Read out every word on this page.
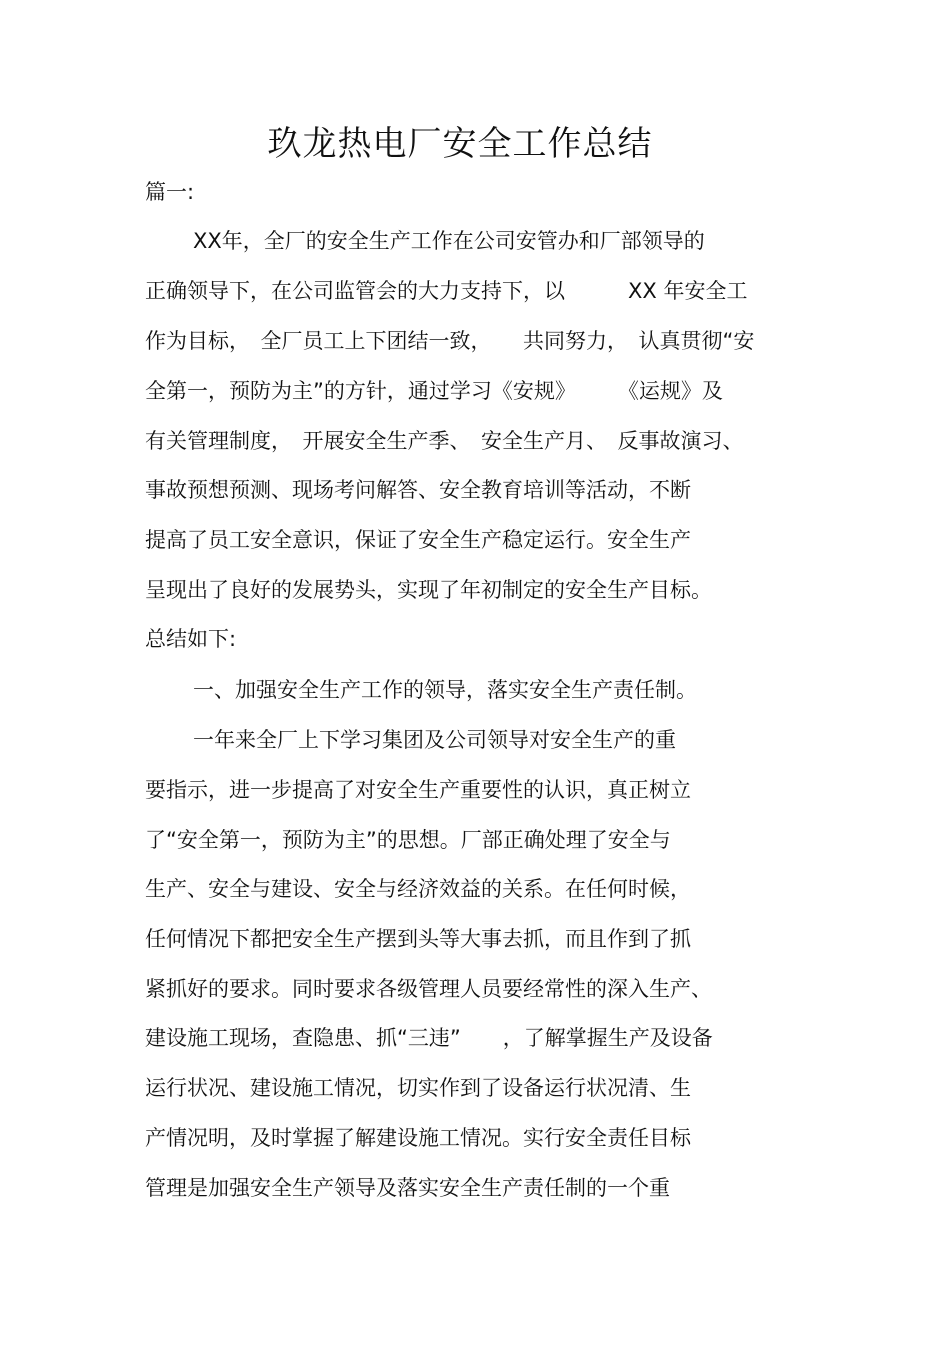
玖龙热电厂安全工作总结
篇一:
XX年，全厂的安全生产工作在公司安管办和厂部领导的
正确领导下，在公司监管会的大力支持下，以　　　XX 年安全工
作为目标，　全厂员工上下团结一致，　　共同努力，　认真贯彻“安
全第一，预防为主”的方针，通过学习《安规》　　　《运规》及
有关管理制度，　开展安全生产季、　安全生产月、　反事故演习、
事故预想预测、现场考问解答、安全教育培训等活动，不断
提高了员工安全意识，保证了安全生产稳定运行。安全生产
呈现出了良好的发展势头，实现了年初制定的安全生产目标。
总结如下:
一、加强安全生产工作的领导，落实安全生产责任制。
一年来全厂上下学习集团及公司领导对安全生产的重
要指示，进一步提高了对安全生产重要性的认识，真正树立
了“安全第一，预防为主”的思想。厂部正确处理了安全与
生产、安全与建设、安全与经济效益的关系。在任何时候，
任何情况下都把安全生产摆到头等大事去抓，而且作到了抓
紧抓好的要求。同时要求各级管理人员要经常性的深入生产、
建设施工现场，查隐患、抓“三违”　　，了解掌握生产及设备
运行状况、建设施工情况，切实作到了设备运行状况清、生
产情况明，及时掌握了解建设施工情况。实行安全责任目标
管理是加强安全生产领导及落实安全生产责任制的一个重
